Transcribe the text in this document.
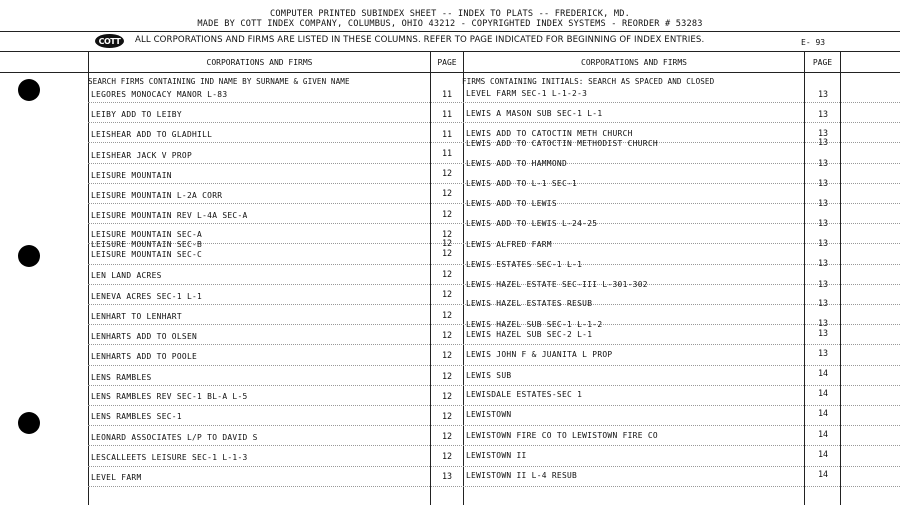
COMPUTER PRINTED SUBINDEX SHEET -- INDEX TO PLATS -- FREDERICK, MD.
MADE BY COTT INDEX COMPANY, COLUMBUS, OHIO 43212 - COPYRIGHTED INDEX SYSTEMS - REORDER # 53283
COTT	ALL CORPORATIONS AND FIRMS ARE LISTED IN THESE COLUMNS. REFER TO PAGE INDICATED FOR BEGINNING OF INDEX ENTRIES.	E- 93
CORPORATIONS AND FIRMS	PAGE	CORPORATIONS AND FIRMS	PAGE
SEARCH FIRMS CONTAINING IND NAME BY SURNAME & GIVEN NAME	FIRMS CONTAINING INITIALS: SEARCH AS SPACED AND CLOSED
LEGORES MONOCACY MANOR L-83	11
LEIBY ADD TO LEIBY	11
LEISHEAR ADD TO GLADHILL	11
LEISHEAR JACK V PROP	11
LEISURE MOUNTAIN	12
LEISURE MOUNTAIN L-2A CORR	12
LEISURE MOUNTAIN REV L-4A SEC-A	12
LEISURE MOUNTAIN SEC-A	12
LEISURE MOUNTAIN SEC-B	12
LEISURE MOUNTAIN SEC-C	12
LEN LAND ACRES	12
LENEVA ACRES SEC-1 L-1	12
LENHART TO LENHART	12
LENHARTS ADD TO OLSEN	12
LENHARTS ADD TO POOLE	12
LENS RAMBLES	12
LENS RAMBLES REV SEC-1 BL-A L-5	12
LENS RAMBLES SEC-1	12
LEONARD ASSOCIATES L/P TO DAVID S	12
LESCALLEETS LEISURE SEC-1 L-1-3	12
LEVEL FARM	13
LEVEL FARM SEC-1 L-1-2-3	13
LEWIS A MASON SUB SEC-1 L-1	13
LEWIS ADD TO CATOCTIN METH CHURCH	13
LEWIS ADD TO CATOCTIN METHODIST CHURCH	13
LEWIS ADD TO HAMMOND	13
LEWIS ADD TO L-1 SEC-1	13
LEWIS ADD TO LEWIS	13
LEWIS ADD TO LEWIS L-24-25	13
LEWIS ALFRED FARM	13
LEWIS ESTATES SEC-1 L-1	13
LEWIS HAZEL ESTATE SEC-III L-301-302	13
LEWIS HAZEL ESTATES RESUB	13
LEWIS HAZEL SUB SEC-1 L-1-2	13
LEWIS HAZEL SUB SEC-2 L-1	13
LEWIS JOHN F & JUANITA L PROP	13
LEWIS SUB	14
LEWISDALE ESTATES-SEC 1	14
LEWISTOWN	14
LEWISTOWN FIRE CO TO LEWISTOWN FIRE CO	14
LEWISTOWN II	14
LEWISTOWN II L-4 RESUB	14
